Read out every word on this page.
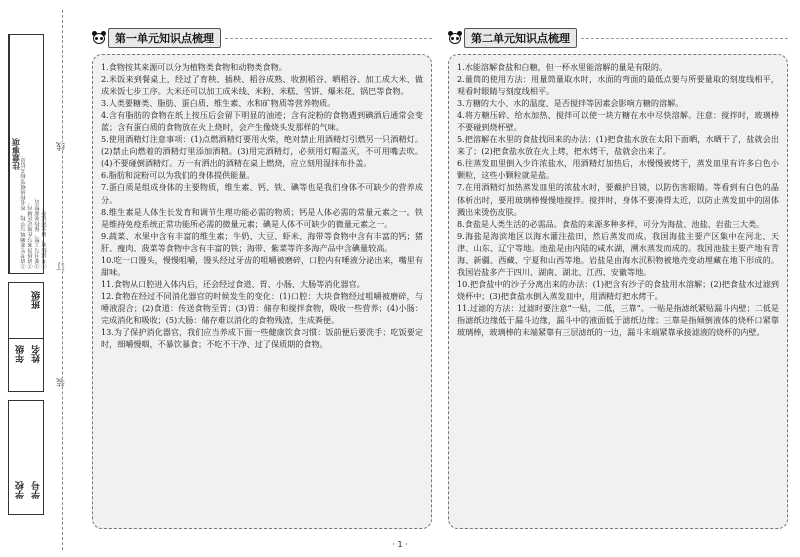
注意事项 ①请考生准确填写学校、姓名和班级等相关信息。 ②请将答案写在规定区域内。 ③要书写工整，保持卷面整洁。 ④考试结束，请交回试卷。
年级 姓名
班级
学校 学号
线
订
装
第一单元知识点梳理

1.食物按其来源可以分为植物类食物和动物类食物。

2.米饭来到餐桌上，经过了育秧、插秧、稻谷成熟、收割稻谷、晒稻谷、加工成大米、做成米饭七步工序。大米还可以加工成米线、米粉、米糕、雪饼、爆米花、锅巴等食物。

3.人类要糖类、脂肪、蛋白质、维生素、水和矿物质等营养物质。

4.含有脂肪的食物在纸上按压后会留下明显的油迹；含有淀粉的食物遇到碘酒后通常会变蓝；含有蛋白质的食物放在火上烧时，会产生像烧头发那样的气味。

5.使用酒精灯注意事项：(1)点燃酒精灯要用火柴，绝对禁止用酒精灯引燃另一只酒精灯。(2)禁止向燃着的酒精灯里添加酒精。(3)用完酒精灯，必须用灯帽盖灭，不可用嘴去吹。(4)不要碰倒酒精灯。万一有洒出的酒精在桌上燃烧，应立刻用湿抹布扑盖。

6.脂肪和淀粉可以为我们的身体提供能量。

7.蛋白质是组成身体的主要物质，维生素、钙、铁、碘等也是我们身体不可缺少的营养成分。

8.维生素是人体生长发育和调节生理功能必需的物质；钙是人体必需的常量元素之一。铁是维持免疫系统正常功能所必需的微量元素；碘是人体不可缺少的微量元素之一。

9.蔬菜、水果中含有丰富的维生素；牛奶、大豆、虾米、海带等食物中含有丰富的钙；猪肝、瘦肉、菠菜等食物中含有丰富的铁；海带、紫菜等许多海产品中含碘量较高。

10.吃一口馒头，慢慢咀嚼，馒头经过牙齿的咀嚼被磨碎，口腔内有唾液分泌出来，嘴里有甜味。

11.食物从口腔进入体内后，还会经过食道、胃、小肠、大肠等消化器官。

12.食物在经过不同消化器官的时候发生的变化：(1)口腔：大块食物经过咀嚼被磨碎，与唾液混合；(2)食道：传送食物至胃；(3)胃：储存和搅拌食物，吸收一些营养；(4)小肠：完成消化和吸收；(5)大肠：储存难以消化的食物残渣，生成粪便。

13.为了保护消化器官，我们应当养成下面一些健康饮食习惯：饭前便后要洗手；吃饭要定时，细嚼慢咽，不暴饮暴食；不吃不干净、过了保质期的食物。

第二单元知识点梳理

1.水能溶解食盐和白糖，但一杯水里能溶解的量是有限的。

2.量筒的使用方法：用量筒量取水时，水面的弯面的最低点要与所要量取的刻度线相平，观看时眼睛与刻度线相平。

3.方糖的大小、水的温度、是否搅拌等因素会影响方糖的溶解。

4.将方糖压碎、给水加热、搅拌可以使一块方糖在水中尽快溶解。注意：搅拌时，玻璃棒不要碰到烧杯壁。

5.把溶解在水里的食盐找回来的办法：(1)把食盐水放在太阳下面晒，水晒干了，盐就会出来了；(2)把食盐水放在火上烤，把水烤干，盐就会出来了。

6.往蒸发皿里倒入少许浓盐水，用酒精灯加热后，水慢慢被烤干，蒸发皿里有许多白色小颗粒，这些小颗粒就是盐。

7.在用酒精灯加热蒸发皿里的浓盐水时，要戴护目镜，以防伤害眼睛。等看到有白色的晶体析出时，要用玻璃棒慢慢地搅拌。搅拌时，身体不要凑得太近，以防止蒸发皿中的固体溅出来烫伤皮肤。

8.食盐是人类生活的必需品。食盐的来源多种多样，可分为海盐、池盐、岩盐三大类。

9.海盐是海滨地区以海水灌注盐田，然后蒸发而成。我国海盐主要产区集中在河北、天津、山东、辽宁等地。池盐是由内陆的咸水湖，溯水蒸发而成的。我国池盐主要产地有青海、新疆、西藏、宁夏和山西等地。岩盐是由海水沉积物被地壳变动埋藏在地下形成的。我国岩盐多产于四川、湖南、湖北、江西、安徽等地。

10.把食盐中的沙子分离出来的办法：(1)把含有沙子的食盐用水溶解；(2)把食盐水过滤到烧杯中；(3)把食盐水倒入蒸发皿中，用酒精灯把水烤干。

11.过滤的方法：过滤时要注意“一贴，二低，三靠”。一贴是指滤纸紧贴漏斗内壁；二低是指滤纸边缘低于漏斗边缘，漏斗中的液面低于滤纸边缘；三靠是指倾倒液体的烧杯口紧靠玻璃棒，玻璃棒的末端紧靠有三层滤纸的一边，漏斗末端紧靠承接滤液的烧杯的内壁。

· 1 ·
